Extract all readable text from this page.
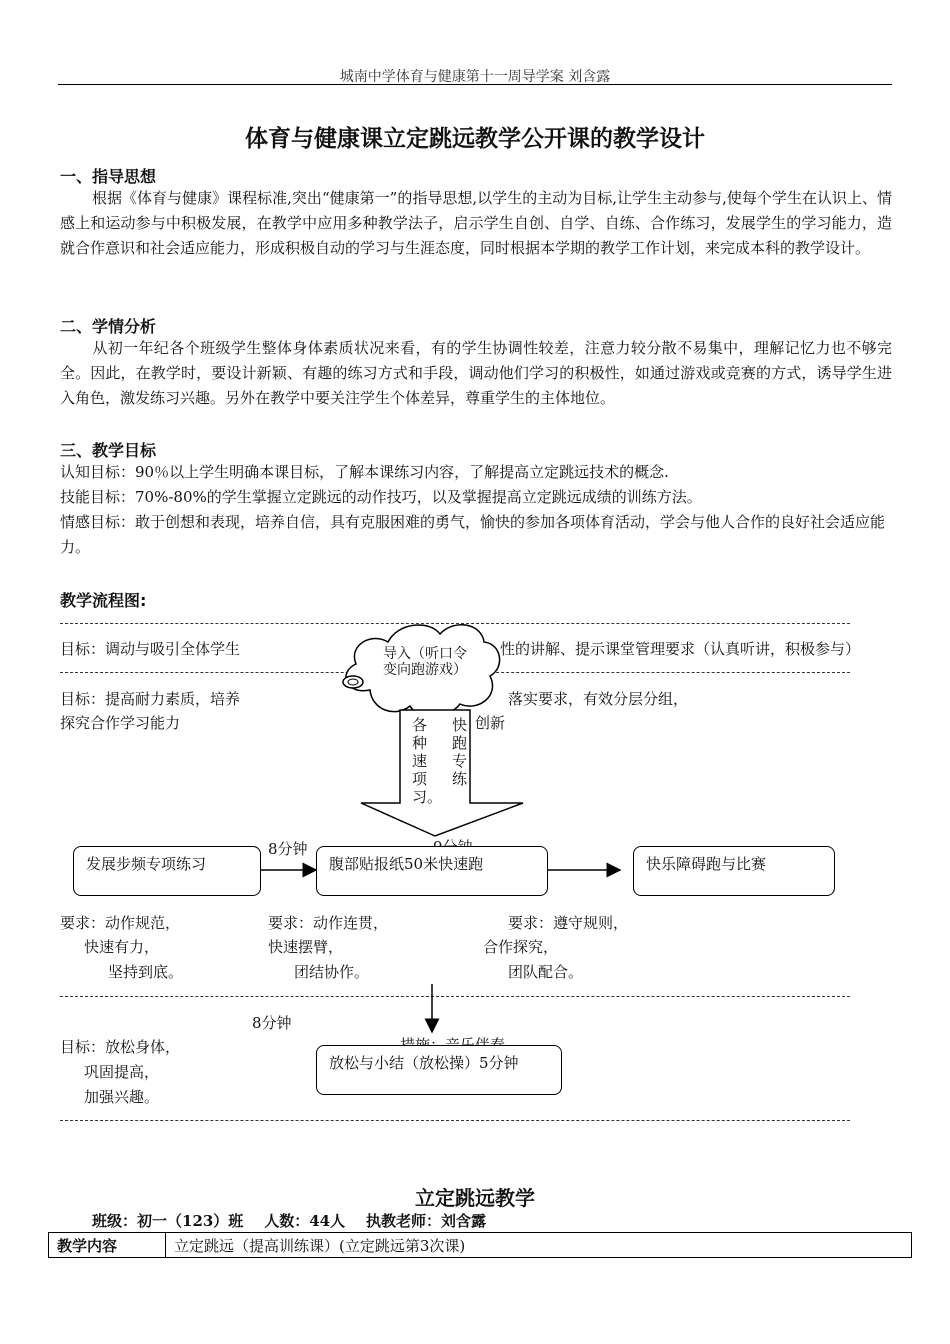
城南中学体育与健康第十一周导学案 刘含露
体育与健康课立定跳远教学公开课的教学设计
一、指导思想
根据《体育与健康》课程标准,突出“健康第一”的指导思想,以学生的主动为目标,让学生主动参与,使每个学生在认识上、情感上和运动参与中积极发展，在教学中应用多种教学法子，启示学生自创、自学、自练、合作练习，发展学生的学习能力，造就合作意识和社会适应能力，形成积极自动的学习与生涯态度，同时根据本学期的教学工作计划，来完成本科的教学设计。
二、学情分析
从初一年纪各个班级学生整体身体素质状况来看，有的学生协调性较差，注意力较分散不易集中，理解记忆力也不够完全。因此，在教学时，要设计新颖、有趣的练习方式和手段，调动他们学习的积极性，如通过游戏或竞赛的方式，诱导学生进入角色，激发练习兴趣。另外在教学中要关注学生个体差异，尊重学生的主体地位。
三、教学目标
认知目标：90％以上学生明确本课目标，了解本课练习内容，了解提高立定跳远技术的概念.
技能目标：70%-80%的学生掌握立定跳远的动作技巧，以及掌握提高立定跳远成绩的训练方法。
情感目标：敢于创想和表现，培养自信，具有克服困难的勇气，愉快的参加各项体育活动，学会与他人合作的良好社会适应能力。
教学流程图:
导入（听口令变向跑游戏）
各种速项习。
快跑专练
目标：调动与吸引全体学生	性的讲解、提示课堂管理要求（认真听讲，积极参与）
目标：提高耐力素质，培养
探究合作学习能力
落实要求，有效分层分组，
创新
8分钟
发展步频专项练习	腹部贴报纸50米快速跑	快乐障碍跑与比赛
要求：动作规范，
快速有力，
坚持到底。
要求：动作连贯，
快速摆臂，
团结协作。
要求：遵守规则，
合作探究，
团队配合。
8分钟
目标：放松身体，
巩固提高，
加强兴趣。
放松与小结（放松操）5分钟
立定跳远教学
班级：初一（123）班    人数：44人    执教老师：刘含露
教学内容	立定跳远（提高训练课）(立定跳远第3次课)
